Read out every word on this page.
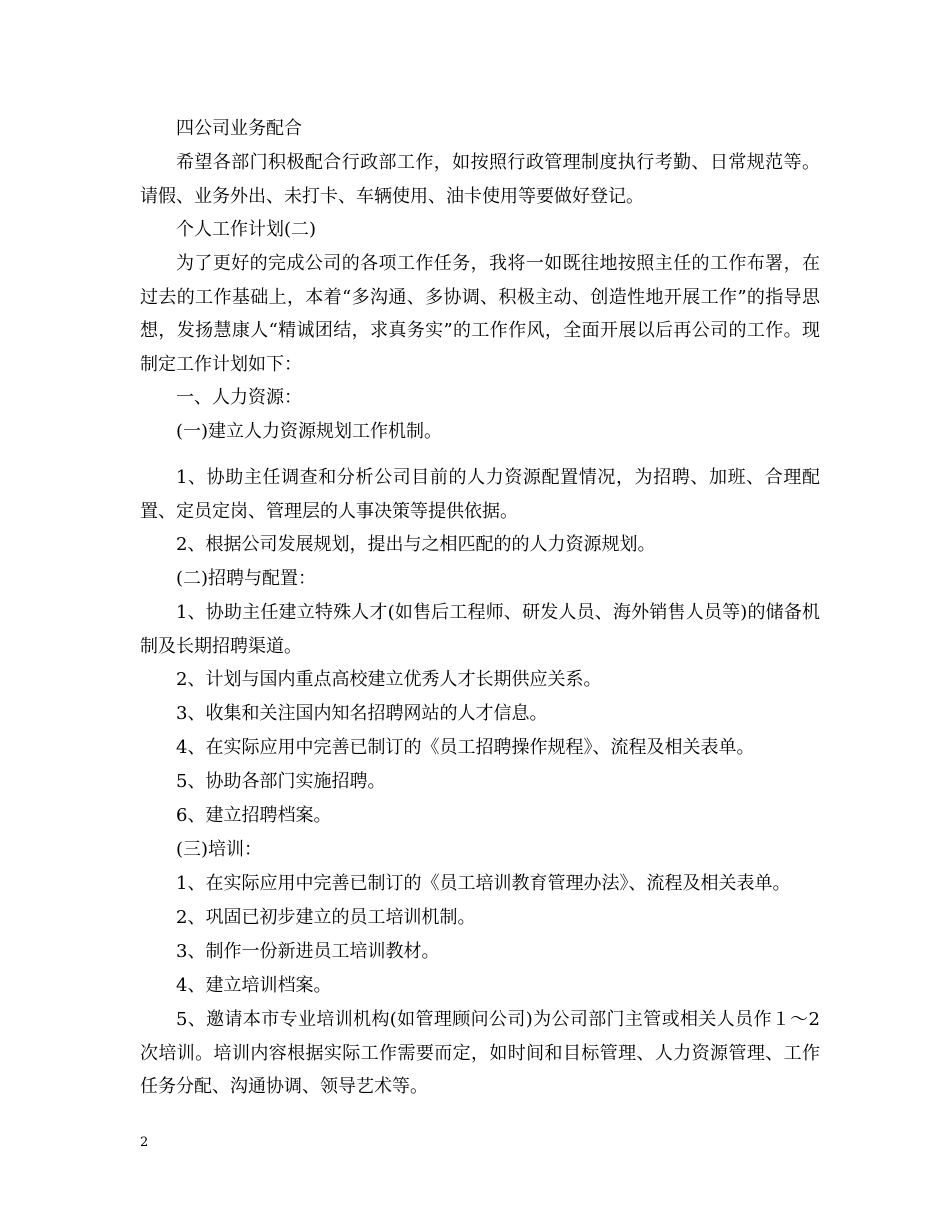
四公司业务配合

希望各部门积极配合行政部工作，如按照行政管理制度执行考勤、日常规范等。请假、业务外出、未打卡、车辆使用、油卡使用等要做好登记。

个人工作计划(二)

为了更好的完成公司的各项工作任务，我将一如既往地按照主任的工作布署，在过去的工作基础上，本着“多沟通、多协调、积极主动、创造性地开展工作”的指导思想，发扬慧康人“精诚团结，求真务实”的工作作风，全面开展以后再公司的工作。现制定工作计划如下：

一、人力资源：

(一)建立人力资源规划工作机制。

1、协助主任调查和分析公司目前的人力资源配置情况，为招聘、加班、合理配置、定员定岗、管理层的人事决策等提供依据。

2、根据公司发展规划，提出与之相匹配的的人力资源规划。

(二)招聘与配置：

1、协助主任建立特殊人才(如售后工程师、研发人员、海外销售人员等)的储备机制及长期招聘渠道。

2、计划与国内重点高校建立优秀人才长期供应关系。

3、收集和关注国内知名招聘网站的人才信息。

4、在实际应用中完善已制订的《员工招聘操作规程》、流程及相关表单。

5、协助各部门实施招聘。

6、建立招聘档案。

(三)培训：

1、在实际应用中完善已制订的《员工培训教育管理办法》、流程及相关表单。

2、巩固已初步建立的员工培训机制。

3、制作一份新进员工培训教材。

4、建立培训档案。

5、邀请本市专业培训机构(如管理顾问公司)为公司部门主管或相关人员作１～2次培训。培训内容根据实际工作需要而定，如时间和目标管理、人力资源管理、工作任务分配、沟通协调、领导艺术等。

2
